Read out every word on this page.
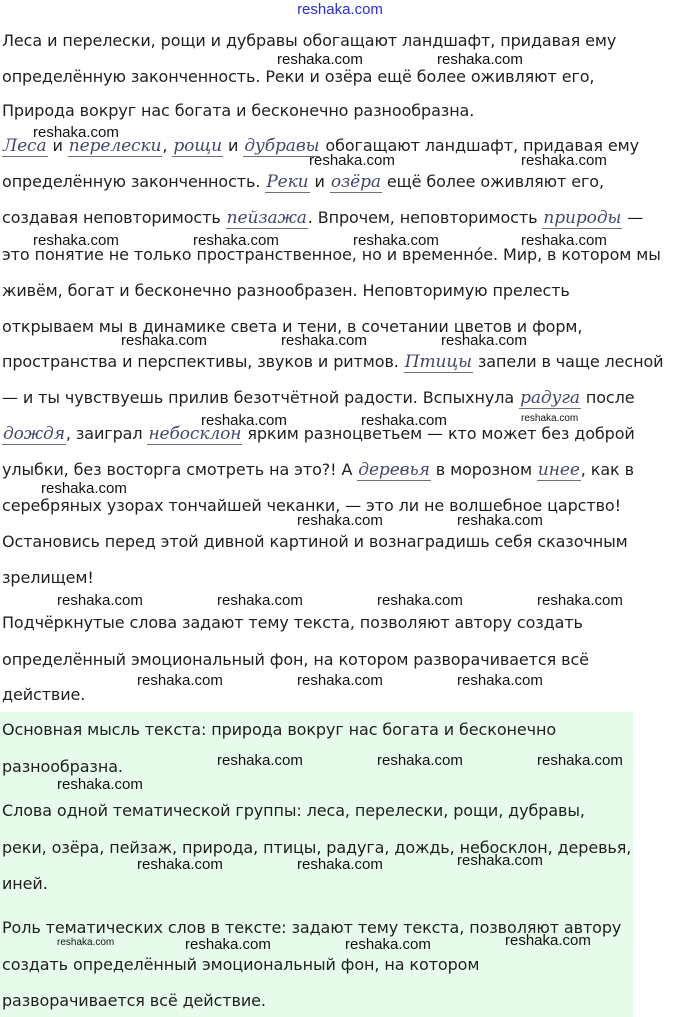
reshaka.com
Леса и перелески, рощи и дубравы обогащают ландшафт, придавая ему
определённую законченность. Реки и озёра ещё более оживляют его,
Природа вокруг нас богата и бесконечно разнообразна.
Леса и перелески, рощи и дубравы обогащают ландшафт, придавая ему
определённую законченность. Реки и озёра ещё более оживляют его,
создавая неповторимость пейзажа. Впрочем, неповторимость природы —
это понятие не только пространственное, но и временно́е. Мир, в котором мы
живём, богат и бесконечно разнообразен. Неповторимую прелесть
открываем мы в динамике света и тени, в сочетании цветов и форм,
пространства и перспективы, звуков и ритмов. Птицы запели в чаще лесной
— и ты чувствуешь прилив безотчётной радости. Вспыхнула радуга после
дождя, заиграл небосклон ярким разноцветьем — кто может без доброй
улыбки, без восторга смотреть на это?! А деревья в морозном инее, как в
серебряных узорах тончайшей чеканки, — это ли не волшебное царство!
Остановись перед этой дивной картиной и вознаградишь себя сказочным
зрелищем!
Подчёркнутые слова задают тему текста, позволяют автору создать
определённый эмоциональный фон, на котором разворачивается всё
действие.
Основная мысль текста: природа вокруг нас богата и бесконечно
разнообразна.
Слова одной тематической группы: леса, перелески, рощи, дубравы,
реки, озёра, пейзаж, природа, птицы, радуга, дождь, небосклон, деревья,
иней.
Роль тематических слов в тексте: задают тему текста, позволяют автору
создать определённый эмоциональный фон, на котором
разворачивается всё действие.
reshaka.com	reshaka.com
reshaka.com
reshaka.com	reshaka.com
reshaka.com	reshaka.com	reshaka.com	reshaka.com
reshaka.com	reshaka.com	reshaka.com
reshaka.com
reshaka.com	reshaka.com
reshaka.com
reshaka.com	reshaka.com
reshaka.com	reshaka.com	reshaka.com	reshaka.com
reshaka.com	reshaka.com	reshaka.com
reshaka.com	reshaka.com	reshaka.com
reshaka.com
reshaka.com	reshaka.com	reshaka.com
reshaka.com	reshaka.com	reshaka.com	reshaka.com
